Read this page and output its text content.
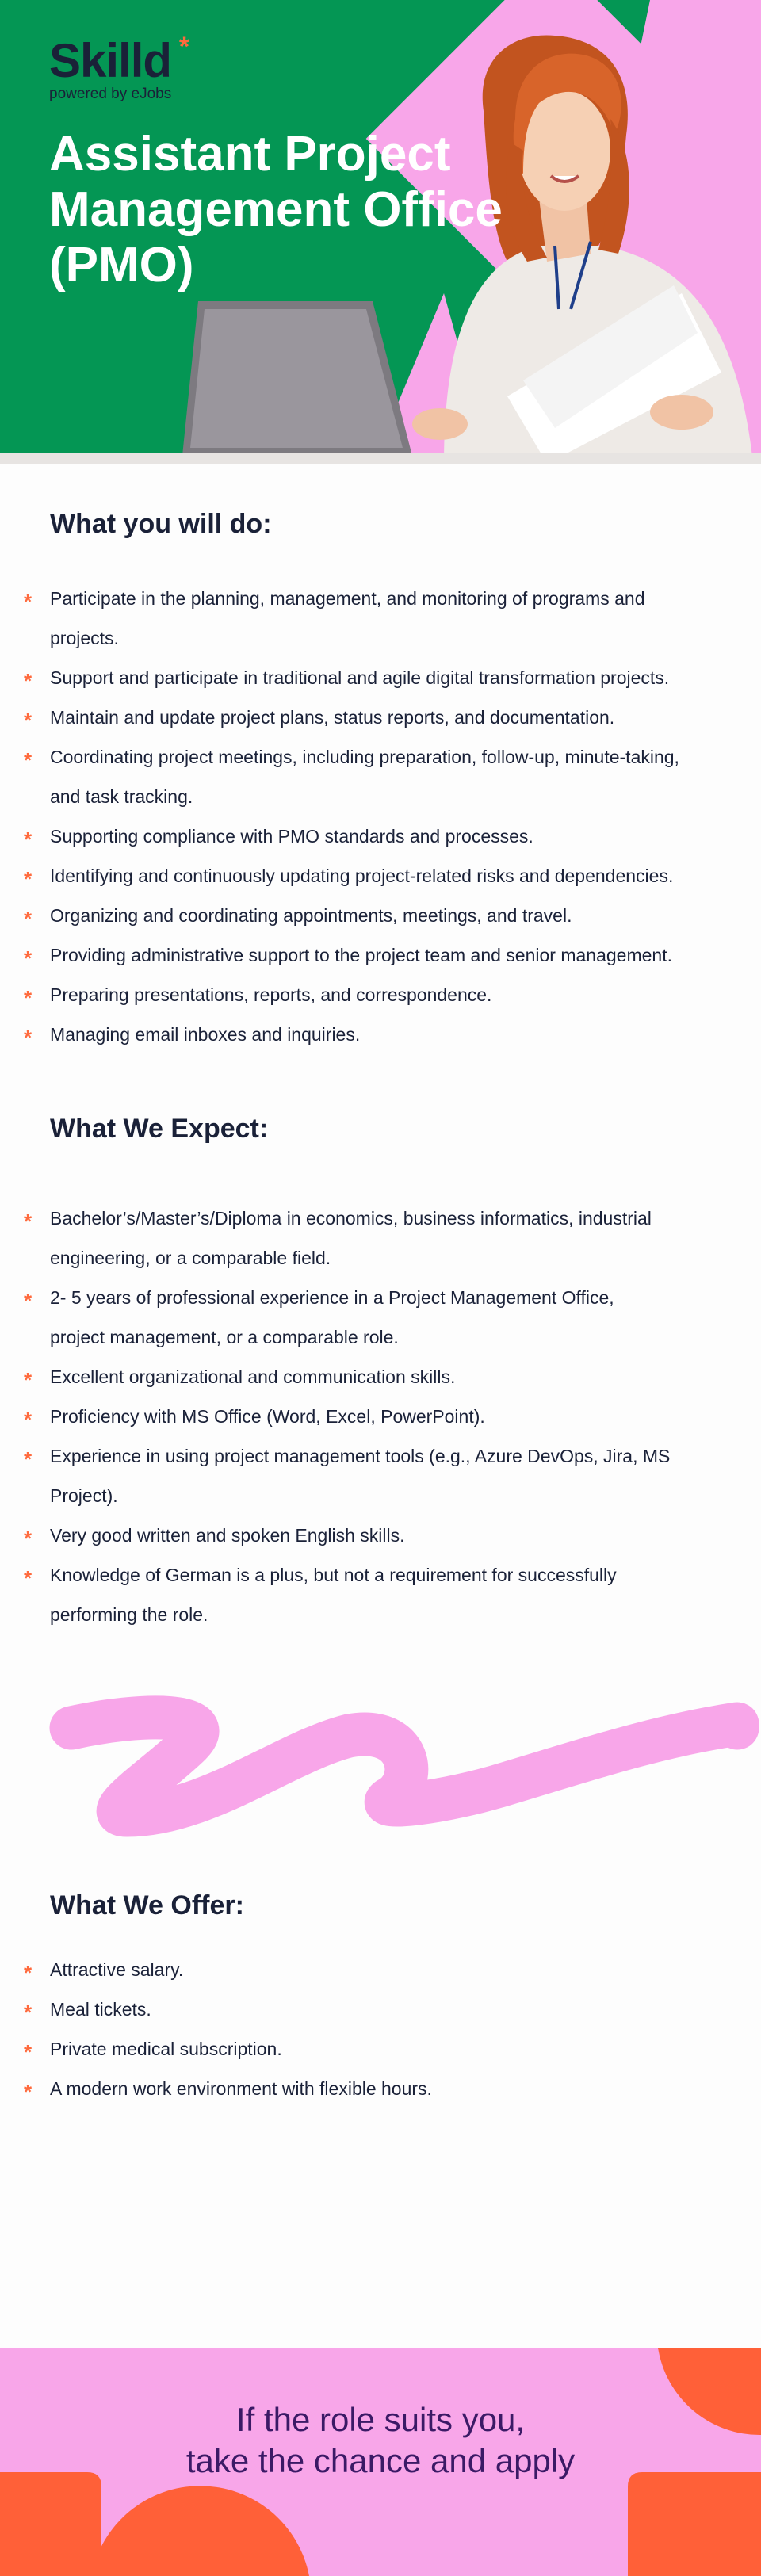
Skilld *
powered by eJobs
Assistant Project
Management Office
(PMO)
What you will do:
* Participate in the planning, management, and monitoring of programs and projects.
* Support and participate in traditional and agile digital transformation projects.
* Maintain and update project plans, status reports, and documentation.
* Coordinating project meetings, including preparation, follow-up, minute-taking, and task tracking.
* Supporting compliance with PMO standards and processes.
* Identifying and continuously updating project-related risks and dependencies.
* Organizing and coordinating appointments, meetings, and travel.
* Providing administrative support to the project team and senior management.
* Preparing presentations, reports, and correspondence.
* Managing email inboxes and inquiries.
What We Expect:
* Bachelor’s/Master’s/Diploma in economics, business informatics, industrial engineering, or a comparable field.
* 2- 5 years of professional experience in a Project Management Office, project management, or a comparable role.
* Excellent organizational and communication skills.
* Proficiency with MS Office (Word, Excel, PowerPoint).
* Experience in using project management tools (e.g., Azure DevOps, Jira, MS Project).
* Very good written and spoken English skills.
* Knowledge of German is a plus, but not a requirement for successfully performing the role.
What We Offer:
* Attractive salary.
* Meal tickets.
* Private medical subscription.
* A modern work environment with flexible hours.
If the role suits you,
take the chance and apply
